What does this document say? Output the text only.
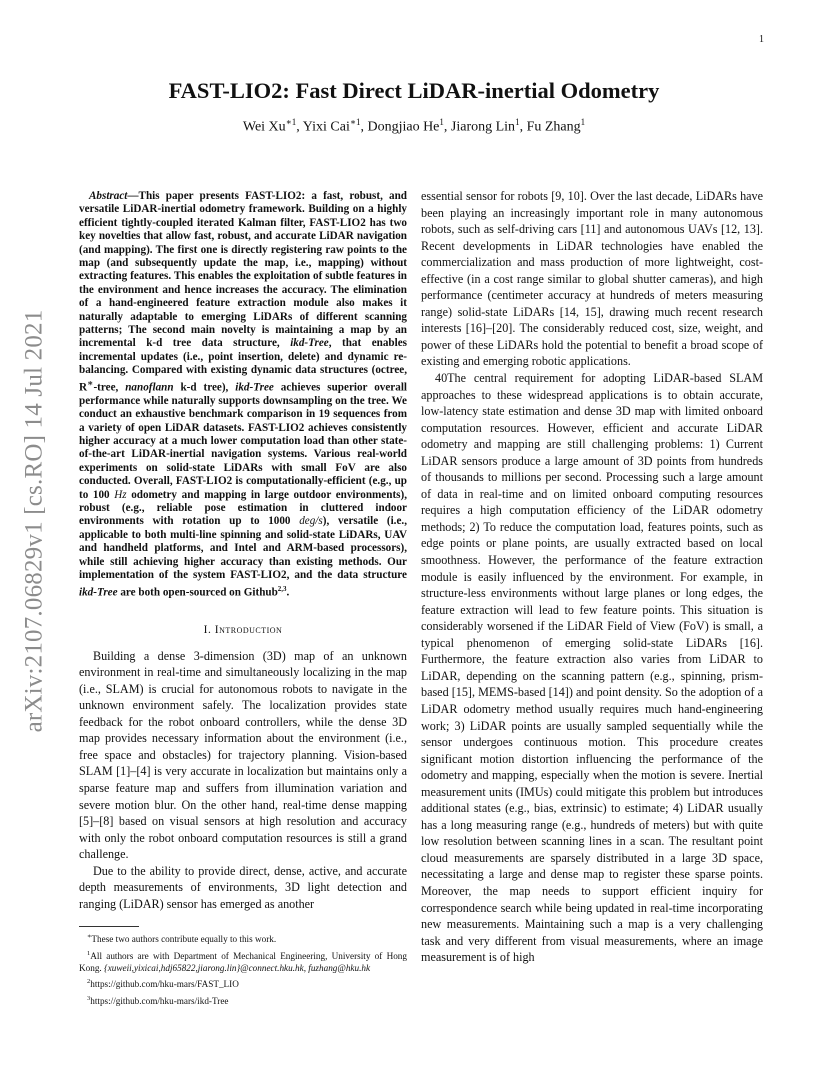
1
arXiv:2107.06829v1 [cs.RO] 14 Jul 2021
FAST-LIO2: Fast Direct LiDAR-inertial Odometry
Wei $Xu^{∗1}$, Yixi Cai$^{∗1}$, Dongjiao He$^1$, Jiarong Lin$^1$, Fu Zhang$^1$
Abstract—This paper presents FAST-LIO2: a fast, robust, and versatile LiDAR-inertial odometry framework. Building on a highly efficient tightly-coupled iterated Kalman filter, FAST-LIO2 has two key novelties that allow fast, robust, and accurate LiDAR navigation (and mapping). The first one is directly registering raw points to the map (and subsequently update the map, i.e., mapping) without extracting features. This enables the exploitation of subtle features in the environment and hence increases the accuracy. The elimination of a hand-engineered feature extraction module also makes it naturally adaptable to emerging LiDARs of different scanning patterns; The second main novelty is maintaining a map by an incremental k-d tree data structure, ikd-Tree, that enables incremental updates (i.e., point insertion, delete) and dynamic re-balancing. Compared with existing dynamic data structures (octree, R∗-tree, nanoflann k-d tree), ikd-Tree achieves superior overall performance while naturally supports downsampling on the tree. We conduct an exhaustive benchmark comparison in 19 sequences from a variety of open LiDAR datasets. FAST-LIO2 achieves consistently higher accuracy at a much lower computation load than other state-of-the-art LiDAR-inertial navigation systems. Various real-world experiments on solid-state LiDARs with small FoV are also conducted. Overall, FAST-LIO2 is computationally-efficient (e.g., up to 100 Hz odometry and mapping in large outdoor environments), robust (e.g., reliable pose estimation in cluttered indoor environments with rotation up to 1000 deg/s), versatile (i.e., applicable to both multi-line spinning and solid-state LiDARs, UAV and handheld platforms, and Intel and ARM-based processors), while still achieving higher accuracy than existing methods. Our implementation of the system FAST-LIO2, and the data structure ikd-Tree are both open-sourced on Github$^{2,3}$.
I. Introduction

Building a dense 3-dimension (3D) map of an unknown environment in real-time and simultaneously localizing in the map (i.e., SLAM) is crucial for autonomous robots to navigate in the unknown environment safely. The localization provides state feedback for the robot onboard controllers, while the dense 3D map provides necessary information about the environment (i.e., free space and obstacles) for trajectory planning. Vision-based SLAM [1]–[4] is very accurate in localization but maintains only a sparse feature map and suffers from illumination variation and severe motion blur. On the other hand, real-time dense mapping [5]–[8] based on visual sensors at high resolution and accuracy with only the robot onboard computation resources is still a grand challenge.

Due to the ability to provide direct, dense, active, and accurate depth measurements of environments, 3D light detection and ranging (LiDAR) sensor has emerged as another

∗These two authors contribute equally to this work.

$^1$All authors are with Department of Mechanical Engineering, University of Hong Kong. {xuweii,yixicai,hdj65822,jiarong.lin}@connect.hku.hk, fuzhang@hku.hk

$^2$https://github.com/hku-mars/FAST_LIO

$^3$https://github.com/hku-mars/ikd-Tree

essential sensor for robots [9, 10]. Over the last decade, LiDARs have been playing an increasingly important role in many autonomous robots, such as self-driving cars [11] and autonomous UAVs [12, 13]. Recent developments in LiDAR technologies have enabled the commercialization and mass production of more lightweight, cost-effective (in a cost range similar to global shutter cameras), and high performance (centimeter accuracy at hundreds of meters measuring range) solid-state LiDARs [14, 15], drawing much recent research interests [16]–[20]. The considerably reduced cost, size, weight, and power of these LiDARs hold the potential to benefit a broad scope of existing and emerging robotic applications.

40The central requirement for adopting LiDAR-based SLAM approaches to these widespread applications is to obtain accurate, low-latency state estimation and dense 3D map with limited onboard computation resources. However, efficient and accurate LiDAR odometry and mapping are still challenging problems: 1) Current LiDAR sensors produce a large amount of 3D points from hundreds of thousands to millions per second. Processing such a large amount of data in real-time and on limited onboard computing resources requires a high computation efficiency of the LiDAR odometry methods; 2) To reduce the computation load, features points, such as edge points or plane points, are usually extracted based on local smoothness. However, the performance of the feature extraction module is easily influenced by the environment. For example, in structure-less environments without large planes or long edges, the feature extraction will lead to few feature points. This situation is considerably worsened if the LiDAR Field of View (FoV) is small, a typical phenomenon of emerging solid-state LiDARs [16]. Furthermore, the feature extraction also varies from LiDAR to LiDAR, depending on the scanning pattern (e.g., spinning, prism-based [15], MEMS-based [14]) and point density. So the adoption of a LiDAR odometry method usually requires much hand-engineering work; 3) LiDAR points are usually sampled sequentially while the sensor undergoes continuous motion. This procedure creates significant motion distortion influencing the performance of the odometry and mapping, especially when the motion is severe. Inertial measurement units (IMUs) could mitigate this problem but introduces additional states (e.g., bias, extrinsic) to estimate; 4) LiDAR usually has a long measuring range (e.g., hundreds of meters) but with quite low resolution between scanning lines in a scan. The resultant point cloud measurements are sparsely distributed in a large 3D space, necessitating a large and dense map to register these sparse points. Moreover, the map needs to support efficient inquiry for correspondence search while being updated in real-time incorporating new measurements. Maintaining such a map is a very challenging task and very different from visual measurements, where an image measurement is of high
